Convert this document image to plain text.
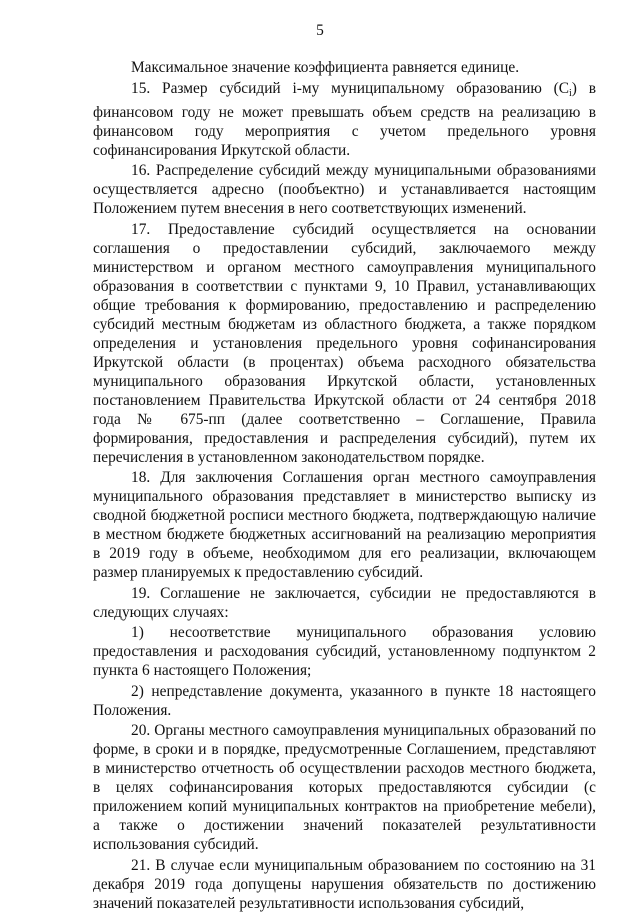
5

Максимальное значение коэффициента равняется единице.

15. Размер субсидий i-му муниципальному образованию $(C_i)$ в финансовом году не может превышать объем средств на реализацию в финансовом году мероприятия с учетом предельного уровня софинансирования Иркутской области.

16. Распределение субсидий между муниципальными образованиями осуществляется адресно (пообъектно) и устанавливается настоящим Положением путем внесения в него соответствующих изменений.

17. Предоставление субсидий осуществляется на основании соглашения о предоставлении субсидий, заключаемого между министерством и органом местного самоуправления муниципального образования в соответствии с пунктами 9, 10 Правил, устанавливающих общие требования к формированию, предоставлению и распределению субсидий местным бюджетам из областного бюджета, а также порядком определения и установления предельного уровня софинансирования Иркутской области (в процентах) объема расходного обязательства муниципального образования Иркутской области, установленных постановлением Правительства Иркутской области от 24 сентября 2018 года № 675-пп (далее соответственно – Соглашение, Правила формирования, предоставления и распределения субсидий), путем их перечисления в установленном законодательством порядке.

18. Для заключения Соглашения орган местного самоуправления муниципального образования представляет в министерство выписку из сводной бюджетной росписи местного бюджета, подтверждающую наличие в местном бюджете бюджетных ассигнований на реализацию мероприятия в 2019 году в объеме, необходимом для его реализации, включающем размер планируемых к предоставлению субсидий.

19. Соглашение не заключается, субсидии не предоставляются в следующих случаях:

1) несоответствие муниципального образования условию предоставления и расходования субсидий, установленному подпунктом 2 пункта 6 настоящего Положения;

2) непредставление документа, указанного в пункте 18 настоящего Положения.

20. Органы местного самоуправления муниципальных образований по форме, в сроки и в порядке, предусмотренные Соглашением, представляют в министерство отчетность об осуществлении расходов местного бюджета, в целях софинансирования которых предоставляются субсидии (с приложением копий муниципальных контрактов на приобретение мебели), а также о достижении значений показателей результативности использования субсидий.

21. В случае если муниципальным образованием по состоянию на 31 декабря 2019 года допущены нарушения обязательств по достижению значений показателей результативности использования субсидий,
